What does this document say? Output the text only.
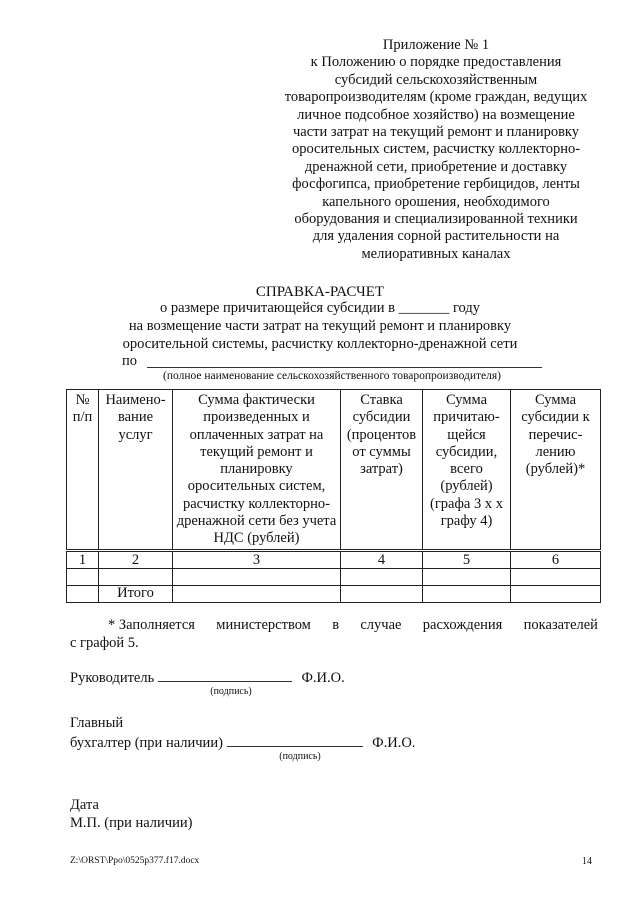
Приложение № 1
к Положению о порядке предоставления
субсидий сельскохозяйственным
товаропроизводителям (кроме граждан, ведущих
личное подсобное хозяйство) на возмещение
части затрат на текущий ремонт и планировку
оросительных систем, расчистку коллекторно-
дренажной сети, приобретение и доставку
фосфогипса, приобретение гербицидов, ленты
капельного орошения, необходимого
оборудования и специализированной техники
для удаления сорной растительности на
мелиоративных каналах
СПРАВКА-РАСЧЕТ
о размере причитающейся субсидии в _______ году
на возмещение части затрат на текущий ремонт и планировку
оросительной системы, расчистку коллекторно-дренажной сети
по
(полное наименование сельскохозяйственного товаропроизводителя)
№ п/п	Наимено-вание услуг	Сумма фактически произведенных и оплаченных затрат на текущий ремонт и планировку оросительных систем, расчистку коллекторно-дренажной сети без учета НДС (рублей)	Ставка субсидии (процентов от суммы затрат)	Сумма причитаю-щейся субсидии, всего (рублей) (графа 3 х х графу 4)	Сумма субсидии к перечис-лению (рублей)*
1	2	3	4	5	6

	Итого				
* Заполняется министерством в случае расхождения показателей
с графой 5.
Руководитель	Ф.И.О.
(подпись)
Главный
бухгалтер (при наличии)	Ф.И.О.
(подпись)
Дата
М.П. (при наличии)
Z:\ORST\Ppo\0525p377.f17.docx	14
